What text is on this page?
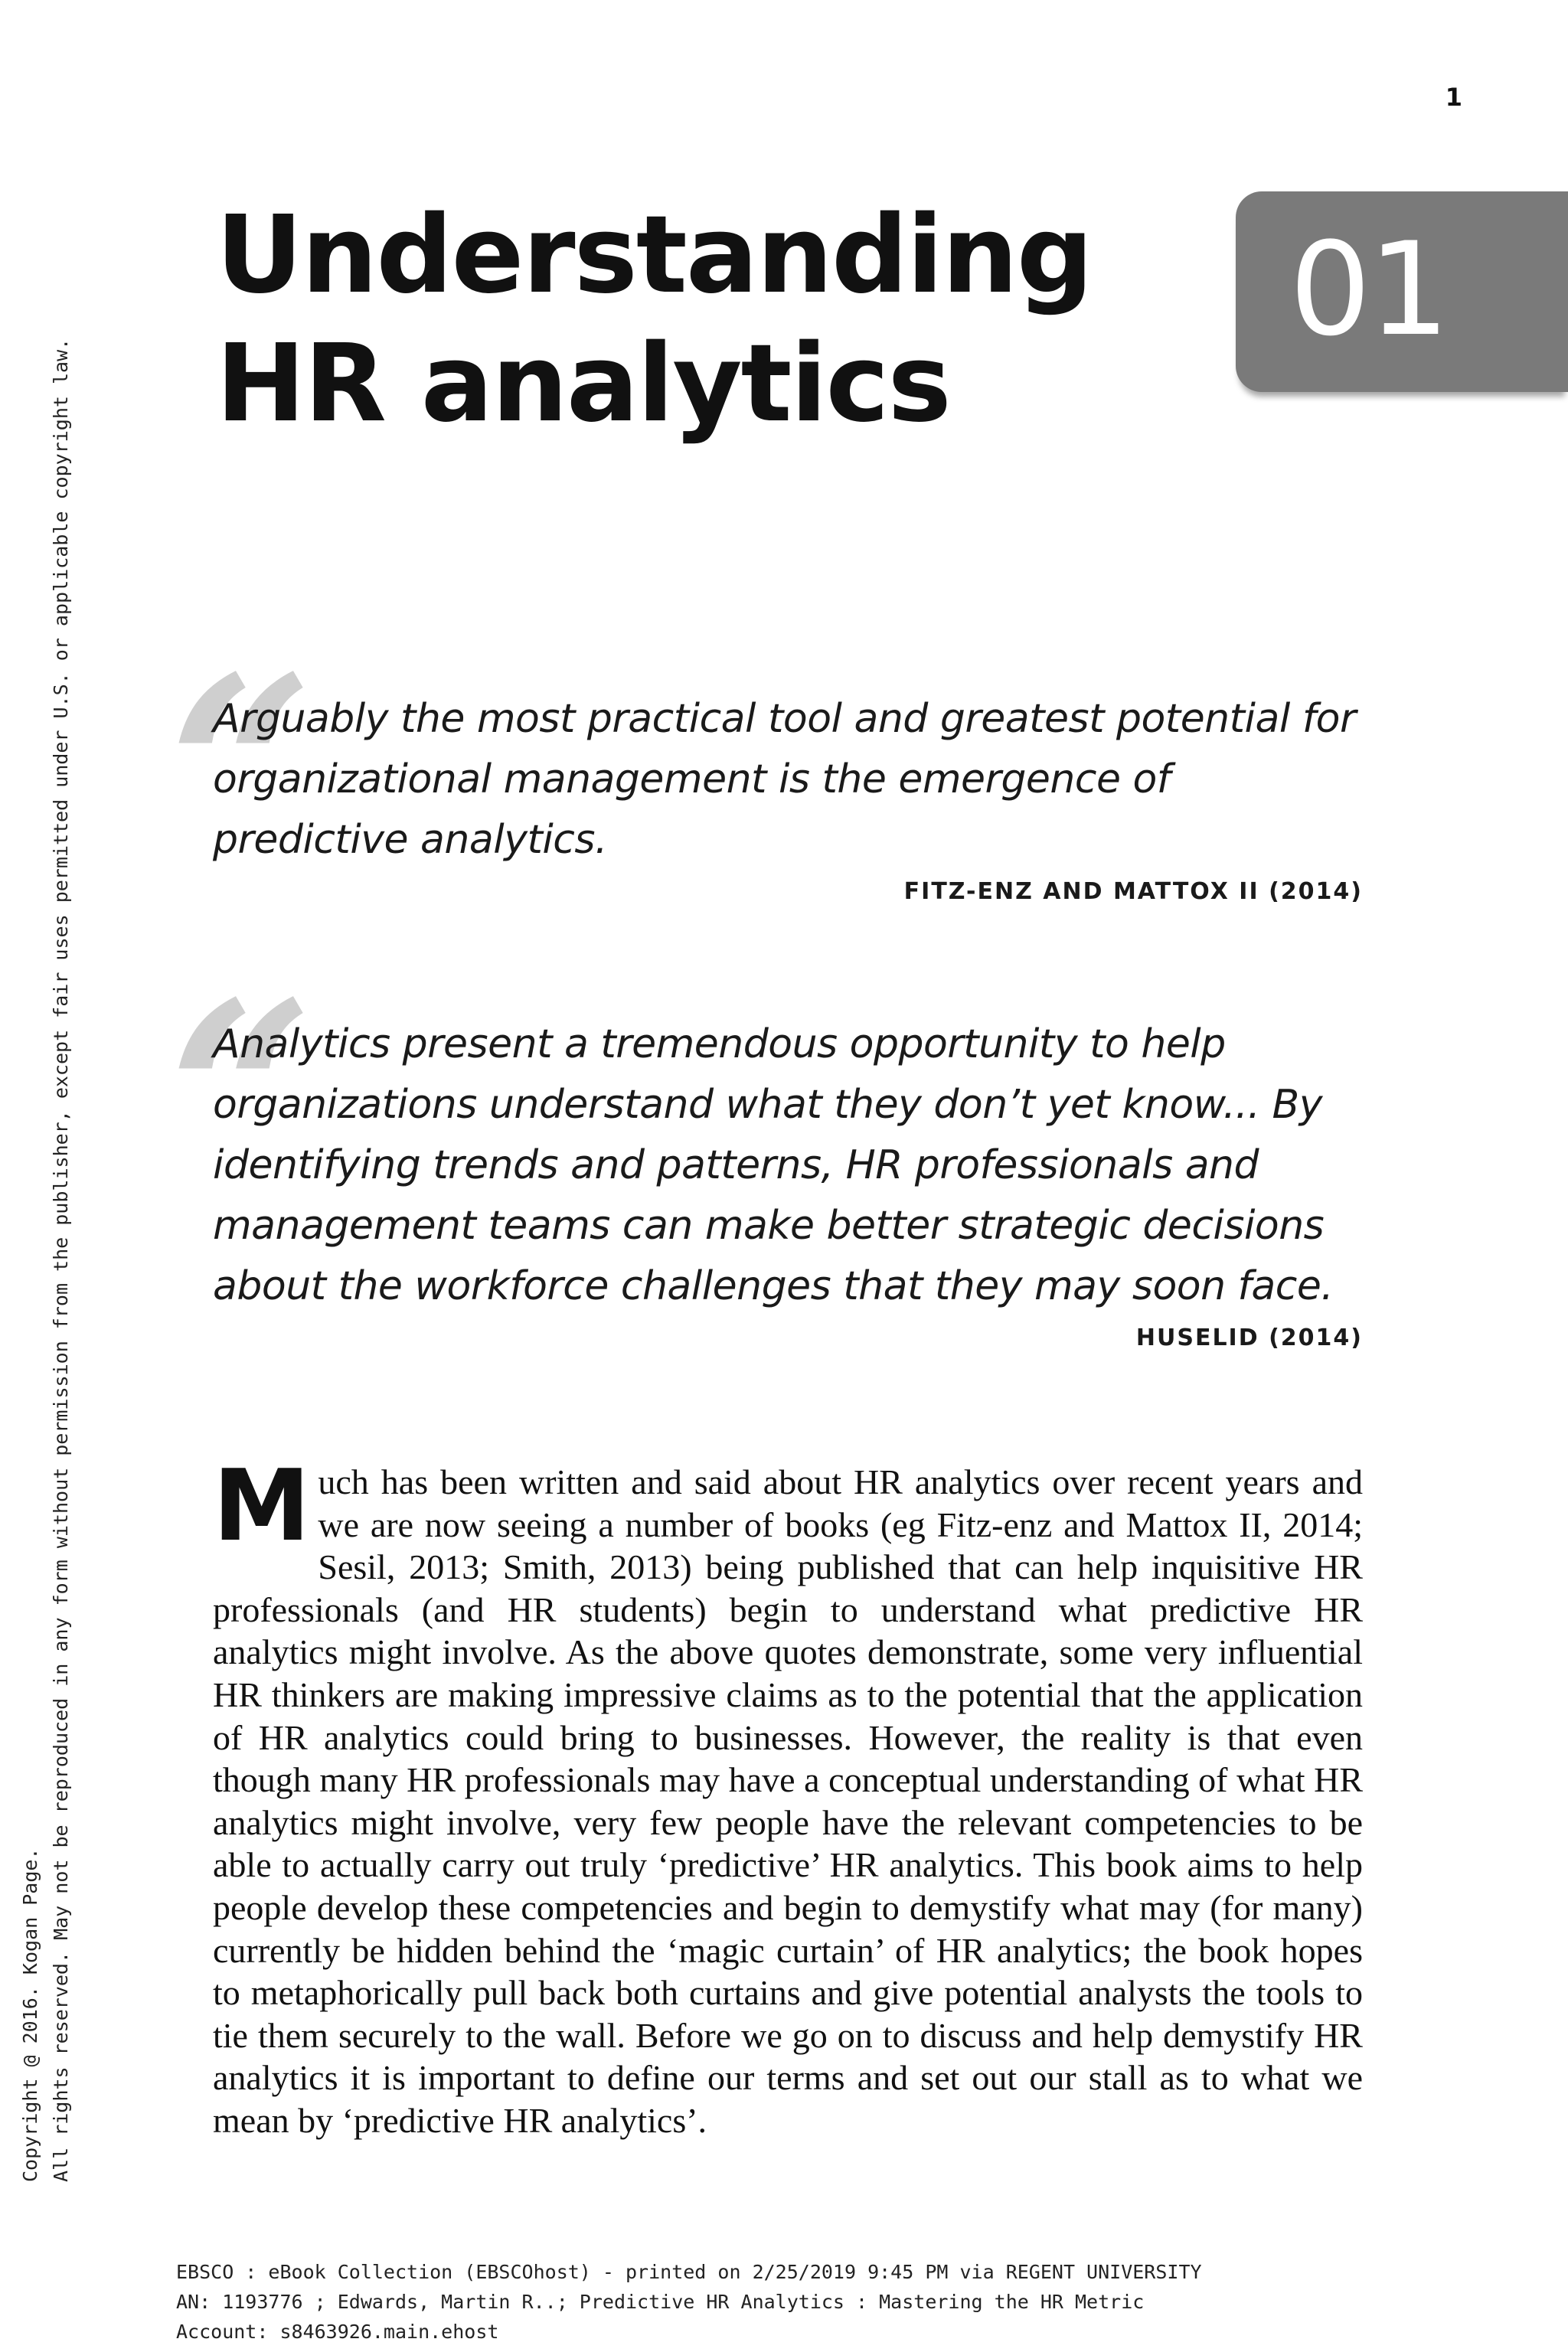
1
Understanding
HR analytics
01
Copyright @ 2016. Kogan Page. All rights reserved. May not be reproduced in any form without permission from the publisher, except fair uses permitted under U.S. or applicable copyright law. “

Arguably the most practical tool and greatest potential for organizational management is the emergence of predictive analytics.

FITZ-ENZ AND MATTOX II (2014)
“

Analytics present a tremendous opportunity to help organizations understand what they don’t yet know... By identifying trends and patterns, HR professionals and management teams can make better strategic decisions about the workforce challenges that they may soon face.

HUSELID (2014)

Much has been written and said about HR analytics over recent years and we are now seeing a number of books (eg Fitz-enz and Mattox II, 2014; Sesil, 2013; Smith, 2013) being published that can help inquisitive HR professionals (and HR students) begin to understand what predictive HR analytics might involve. As the above quotes demonstrate, some very influential HR thinkers are making impressive claims as to the potential that the application of HR analytics could bring to businesses. However, the reality is that even though many HR professionals may have a conceptual understanding of what HR analytics might involve, very few people have the relevant competencies to be able to actually carry out truly ‘predictive’ HR analytics. This book aims to help people develop these competencies and begin to demystify what may (for many) currently be hidden behind the ‘magic curtain’ of HR analytics; the book hopes to metaphorically pull back both curtains and give potential analysts the tools to tie them securely to the wall. Before we go on to discuss and help demystify HR analytics it is important to define our terms and set out our stall as to what we mean by ‘predictive HR analytics’.

EBSCO : eBook Collection (EBSCOhost) - printed on 2/25/2019 9:45 PM via REGENT UNIVERSITY
AN: 1193776 ; Edwards, Martin R..; Predictive HR Analytics : Mastering the HR Metric
Account: s8463926.main.ehost
